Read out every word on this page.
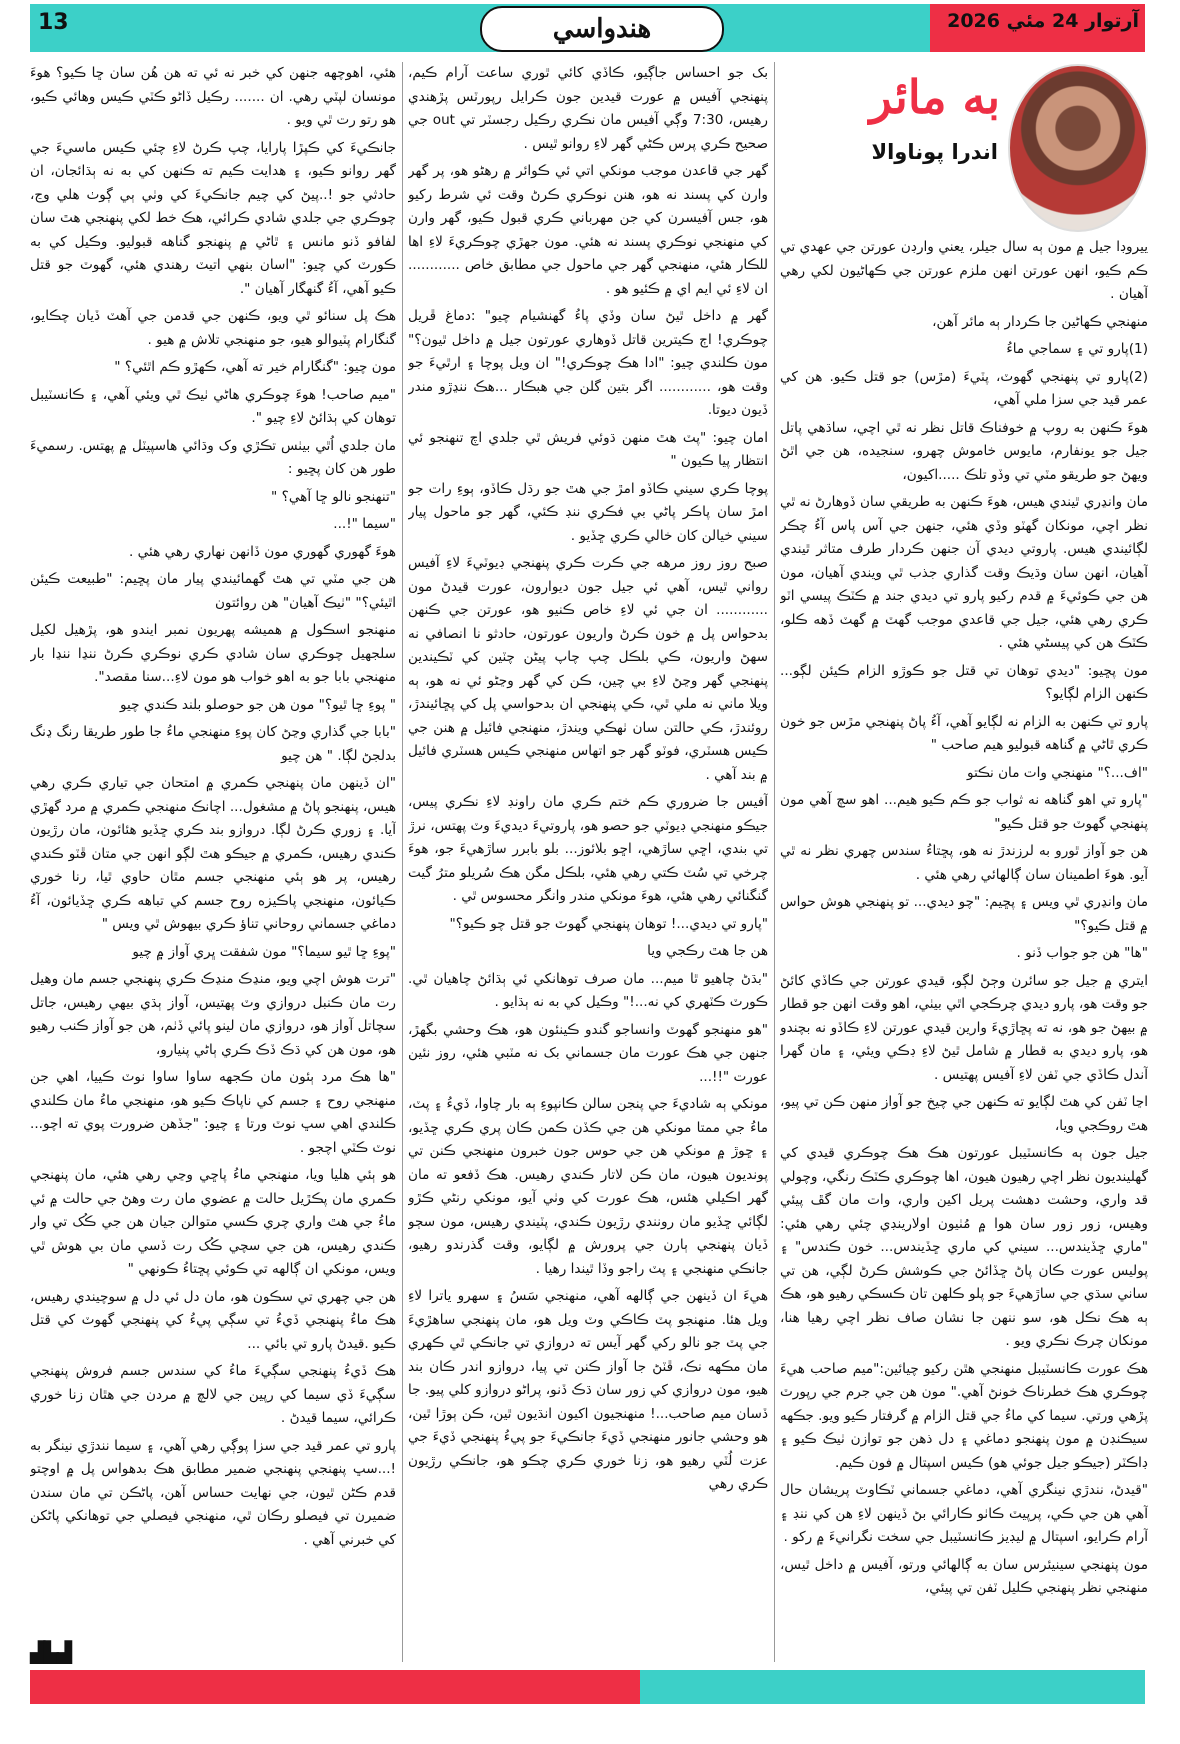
13	هندواسي	آرتوار 24 مئي 2026
ﺑﻪ ﻣﺎﺋﺮ
اندرا پوناوالا

ييروڊا جيل ۾ مون ٻه سال جيلر، يعني وارڊن عورتن جي عهدي تي ڪم ڪيو، انهن عورتن انهن ملزم عورتن جي ڪهاڻيون لکي رهي آهيان .

منهنجي ڪهاڻين جا ڪردار ٻه مائر آهن،

(1)پارو تي ۽ سماجي ماءُ

(2)پارو تي پنهنجي گهوٽ، پٽيءَ (مڙس) جو قتل ڪيو. هن کي عمر قيد جي سزا ملي آهي،

هوءَ ڪنهن به روپ ۾ خوفناڪ قاتل نظر نه ٿي اچي، ساڌهي پاتل جيل جو يونفارم، مايوس خاموش چهرو، سنجيده، هن جي اٿڻ ويهڻ جو طريقو مٽي تي وڏو تلڪ .....اکيون،

مان وانڍري ٿيندي هيس، هوءَ ڪنهن به طريقي سان ڏوهارڻ نه ٿي نظر اچي، مونکان گهٽو وڏي هئي، جنهن جي آس پاس آءُ چڪر لڳائيندي هيس. پاروتي ديدي آن جنهن ڪردار طرف متاثر ٿيندي آهيان، انهن سان وڌيڪ وقت گذاري جذب ٿي ويندي آهيان، مون هن جي ڪوئيءَ ۾ قدم رکيو پارو تي ديدي جند ۾ ڪٽڪ پيسي اٽو ڪري رهي هئي، جيل جي قاعدي موجب گهٽ ۾ گهٽ ڏهه ڪلو، ڪٽڪ هن کي پيسڻي هئي .

مون پڇيو: "ديدي توهان تي قتل جو ڪوڙو الزام ڪيئن لڳو... ڪنهن الزام لڳايو؟

پارو تي ڪنهن به الزام نه لڳايو آهي، آءُ پاڻ پنهنجي مڙس جو خون ڪري ٿاڻي ۾ گناهه قبوليو هيم صاحب "

"اف...؟" منهنجي وات مان نڪتو

"پارو تي اهو گناهه نه ثواب جو ڪم ڪيو هيم... اهو سچ آهي مون پنهنجي گهوٽ جو قتل ڪيو"

هن جو آواز ٿورو به لرزندڙ نه هو، پڇتاءُ سندس چهري نظر نه ٿي آيو. هوءَ اطمينان سان ڳالهائي رهي هئي .

مان وانڍري ٿي ويس ۽ پڇيم: "چو ديدي... تو پنهنجي هوش حواس ۾ قتل ڪيو؟"

"ها" هن جو جواب ڏنو .

ايتري ۾ جيل جو سائرن وڄڻ لڳو، قيدي عورتن جي ڪاڏي کائڻ جو وقت هو، پارو ديدي چرڪجي اٿي بيٺي، اهو وقت انهن جو قطار ۾ بيهڻ جو هو، نه ته پڇاڙيءَ وارين قيدي عورتن لاءِ ڪاڏو نه بچندو هو، پارو ديدي به قطار ۾ شامل ٿيڻ لاءِ ڊڪي ويئي، ۽ مان گهرا آندل ڪاڏي جي ٽفن لاءِ آفيس پهتيس .

اڃا ٽفن کي هٿ لڳايو ته ڪنهن جي چيخ جو آواز منهن ڪن تي پيو، هٿ روڪجي ويا،

جيل جون ٻه ڪانسٽيبل عورتون هڪ هڪ چوڪري قيدي کي گهلينديون نظر اچي رهيون هيون، اها چوڪري ڪٽڪ رنگي، وچولي قد واري، وحشت دهشت پريل اکين واري، وات مان گڦ پيئي وهيس، زور زور سان هوا ۾ مُٺيون اولارينڊي چئي رهي هئي: "ماري ڇڏيندس... سيني کي ماري ڇڏيندس... خون ڪندس" ۽ پوليس عورت ڪان پاڻ ڇڏائڻ جي ڪوشش ڪرڻ لڳي، هن تي ساني سڌي جي ساڙهيءَ جو پلو ڪلهن تان ڪسڪي رهيو هو، هڪ ٻه هڪ نڪل هو، سو ننهن جا نشان صاف نظر اچي رهيا هنا، مونکان چرڪ نڪري ويو .

هڪ عورت ڪانسٽيبل منهنجي هٿن رکيو چيائين:"ميم صاحب هيءَ چوڪري هڪ خطرناڪ خونڻ آهي." مون هن جي جرم جي رپورٽ پڙهي ورتي. سيما کي ماءُ جي قتل الزام ۾ گرفتار ڪيو ويو. جڪهه سيڪنڊن ۾ مون پنهنجو دماغي ۽ دل ذهن جو توازن ٺيڪ ڪيو ۽ ڊاڪٽر (جيڪو جيل جوئي هو) ڪيس اسپتال ۾ فون ڪيم.

"قيدڻ، نندڙي نينگري آهي، دماغي جسماني ٽڪاوٽ پريشان حال آهي هن جي ڪي، پرپيٽ ڪاٺو ڪارائي بڻ ڏينهن لاءِ هن کي ننڊ ۽ آرام ڪرايو، اسپتال ۾ ليڊيز ڪانسٽيبل جي سخت نگرانيءَ ۾ رکو .

مون پنهنجي سينيئرس سان به ڳالهائي ورتو، آفيس ۾ داخل ٿيس، منهنجي نظر پنهنجي ڪليل ٽفن تي پيئي،

بک جو احساس جاڳيو، ڪاڏي کائي ٿوري ساعت آرام ڪيم، پنهنجي آفيس ۾ عورت قيدين جون ڪرايل رپورٽس پڙهندي رهيس، 7:30 وڳي آفيس مان نڪري رڪيل رجسٽر تي out جي صحيح ڪري پرس ڪڻي گهر لاءِ روانو ٿيس .

گهر جي قاعدن موجب مونکي اتي ئي ڪوائر ۾ رهڻو هو، پر گهر وارن کي پسند نه هو، هنن نوڪري ڪرڻ وقت ئي شرط رکيو هو، جس آفيسرن کي جن مهرباني ڪري قبول ڪيو، گهر وارن کي منهنجي نوڪري پسند نه هئي. مون جهڙي چوڪريءَ لاءِ اها للڪار هئي، منهنجي گهر جي ماحول جي مطابق خاص ............ ان لاءِ ئي ايم اي ۾ ڪئيو هو .

گهر ۾ داخل ٿيڻ سان وڏي پاءُ گهنشيام چيو" :دماغ ڦريل چوڪري! اڄ ڪيترين قاتل ڏوهاري عورتون جيل ۾ داخل ٿيون؟" مون ڪلندي چيو: "ادا هڪ چوڪري!" ان ويل پوچا ۽ ارٿيءَ جو وقت هو، ............ اگر بتين گلن جي هبڪار ...هڪ ننڍڙو مندر ڏيون ديوتا.

امان چيو: "پٽ هٿ منهن ڌوئي فريش ٿي جلدي اچ تنهنجو ئي انتظار پيا ڪيون "

پوچا ڪري سيني ڪاڏو امڙ جي هٿ جو رڌل ڪاڏو، ٻوءِ رات جو امڙ سان پاڪر پاڻي بي فڪري ننڊ ڪئي، گهر جو ماحول پيار سيني خيالن کان خالي ڪري ڇڏيو .

صبح روز روز مرهه جي ڪرت ڪري پنهنجي ڊيوٽيءَ لاءِ آفيس رواني ٿيس، آهي ئي جيل جون ديوارون، عورت قيدڻ مون ............ ان جي ئي لاءِ خاص ڪنيو هو، عورتن جي ڪنهن بدحواس پل ۾ خون ڪرڻ واريون عورتون، حادثو نا انصافي نه سهڻ واريون، ڪي بلڪل چپ چاپ پيڻن چٽين کي ٽڪيندين پنهنجي گهر وڃڻ لاءِ بي چين، ڪن کي گهر وڃڻو ئي نه هو، ٻه ويلا ماني نه ملي ٿي، ڪي پنهنجي ان بدحواسي پل کي پڇائيندڙ، روئندڙ، ڪي حالتن سان ٺهڪي ويندڙ، منهنجي فائيل ۾ هنن جي ڪيس هسٽري، فوٽو گهر جو اتهاس منهنجي ڪيس هسٽري فائيل ۾ بند آهي .

آفيس جا ضروري ڪم ختم ڪري مان راونڊ لاءِ نڪري پيس، جيڪو منهنجي ڊيوٽي جو حصو هو، پاروتيءَ ديديءَ وٽ پهتس، نرڙ تي بندي، اڇي ساڙهي، اڇو بلائوز... بلو بابرر ساڙهيءَ جو، هوءَ چرخي تي سُٽ ڪتي رهي هئي، بلڪل مگن هڪ سُريلو مترُ گيت گنگنائي رهي هئي، هوءَ مونکي مندر وانگر محسوس ٿي .

"پارو تي ديدي...! توهان پنهنجي گهوٽ جو قتل چو ڪيو؟"

هن جا هٿ رڪجي ويا

"بڌڻ چاهيو ٿا ميم... مان صرف توهانکي ئي ٻڌائڻ چاهيان ٿي. ڪورٽ ڪٽهري کي نه...!" وڪيل کي به نه ٻڌايو .

"هو منهنجو گهوٽ وانساجو گندو ڪينئون هو، هڪ وحشي بگهڙ، جنهن جي هڪ عورت مان جسماني بک نه مٽبي هئي، روز نئين عورت "!!...

مونکي ٻه شاديءَ جي پنجن سالن ڪانپوءِ ٻه بار چاوا، ڏيءُ ۽ پٽ، ماءُ جي ممتا مونکي هن جي ڪڏن ڪمن ڪان پري ڪري ڇڏيو، ۽ ڇوڙ ۾ مونکي هن جي حوس جون خبرون منهنجي ڪنن تي پونديون هيون، مان ڪن لاتار ڪندي رهيس. هڪ ڏفعو ته مان گهر اڪيلي هئس، هڪ عورت کي وٺي آيو، مونکي رنڻي ڪڙو لڳائي ڇڏيو مان رونندي رڙيون ڪندي، پٽيندي رهيس، مون سڄو ڏيان پنهنجي ٻارن جي پرورش ۾ لڳايو، وقت گذرندو رهيو، جانڪي منهنجي ۽ پٽ راجو وڏا ٿيندا رهيا .

هيءَ ان ڏينهن جي ڳالهه آهي، منهنجي سَسُ ۽ سهرو ياترا لاءِ ويل هئا. منهنجو پٽ ڪاڪي وٽ ويل هو، مان پنهنجي ساهڙيءَ جي پٽ جو نالو رکي گهر آيس ته دروازي تي جانڪي ٿي ڪهري مان مڪهه نڪ، ڦٽڻ جا آواز ڪنن تي پيا، دروازو اندر ڪان بند هيو، مون دروازي کي زور سان ڌڪ ڏنو، پراڻو دروازو کلي پيو. جا ڏسان ميم صاحب...! منهنجيون اکيون انڌيون ٿين، ڪن ٻوڙا ٿين، هو وحشي جانور منهنجي ڏيءَ جانڪيءَ جو پيءُ پنهنجي ڏيءَ جي عزت لُٽي رهيو هو، زنا خوري ڪري چڪو هو، جانڪي رڙيون ڪري رهي

هئي، اهوچهه جنهن کي خبر نه ئي ته هن هُن سان ڇا ڪيو؟ هوءَ مونسان لپٽي رهي. ان ....... رڪيل ڏاڻو ڪٽي ڪيس وهائي ڪيو، هو رتو رت ٿي ويو .

جانڪيءَ کي ڪپڙا پارايا، چپ ڪرڻ لاءِ چئي ڪيس ماسيءَ جي گهر روانو ڪيو، ۽ هدايت ڪيم ته ڪنهن کي به نه ٻڌائجان، ان حادثي جو !..پيڻ کي چيم جانڪيءَ کي وٺي ٻي ڳوٺ هلي وڃ، چوڪري جي جلدي شادي ڪرائي، هڪ خط لکي پنهنجي هٿ سان لفافو ڏنو مانس ۽ ٿاڻي ۾ پنهنجو گناهه قبوليو. وڪيل کي به ڪورٽ کي چيو: "اسان بنهي اتيٽ رهندي هئي، گهوٽ جو قتل ڪيو آهي، آءُ گنهگار آهيان ".

هڪ پل سنائو ٿي ويو، ڪنهن جي قدمن جي آهٽ ڏيان چڪايو، گنگارام پٽيوالو هيو، جو منهنجي تلاش ۾ هيو .

مون چيو: "گنگارام خير ته آهي، ڪهڙو ڪم اٿئي؟ "

"ميم صاحب! هوءَ چوڪري هاڻي ٺيڪ ٿي ويئي آهي، ۽ ڪانسٽيبل توهان کي ٻڌائڻ لاءِ چيو ".

مان جلدي اُٿي بيٺس تڪڙي وک وڌائي هاسپيٽل ۾ پهتس. رسميءَ طور هن کان پڇيو :

"تنهنجو نالو ڇا آهي؟ "

"سيما "!...

هوءَ گهوري گهوري مون ڏانهن نهاري رهي هئي .

هن جي مٽي تي هٿ گهمائيندي پيار مان پڇيم: "طبيعت ڪيئن اٿيئي؟" "ٺيڪ آهيان" هن روائتون

منهنجو اسڪول ۾ هميشه پهريون نمبر ايندو هو، پڙهيل لکيل سلجهيل چوڪري سان شادي ڪري نوڪري ڪرڻ ننڍا ننڍا بار منهنجي بابا جو به اهو خواب هو مون لاءِ...سنا مقصد".

" پوءِ ڇا ٿيو؟" مون هن جو حوصلو بلند ڪندي چيو

"بابا جي گذاري وڃڻ کان پوءِ منهنجي ماءُ جا طور طريقا رنگ ڍنگ بدلجڻ لڳا. " هن چيو

"ان ڏينهن مان پنهنجي ڪمري ۾ امتحان جي تياري ڪري رهي هيس، پنهنجو پاڻ ۾ مشغول... اچانڪ منهنجي ڪمري ۾ مرد گهڙي آيا. ۽ زوري ڪرڻ لڳا. دروازو بند ڪري ڇڏيو هئائون، مان رڙيون ڪندي رهيس، ڪمري ۾ جيڪو هٿ لڳو انهن جي متان ڦٽو ڪندي رهيس، پر هو ٻئي منهنجي جسم مٿان حاوي ٿيا، رنا خوري ڪيائون، منهنجي پاڪيزه روح جسم کي تباهه ڪري ڇڏيائون، آءُ دماغي جسماني روحاني تناؤ ڪري بيهوش ٿي ويس "

"پوءِ ڇا ٿيو سيما؟" مون شفقت ڀري آواز ۾ چيو

"ترت هوش اچي ويو، منڍڪ منڍڪ ڪري پنهنجي جسم مان وهيل رت مان ڪنبل دروازي وٽ پهتيس، آواز ٻڌي بيهي رهيس، جاتل سچاتل آواز هو، دروازي مان لينو پائي ڏٺم، هن جو آواز ڪنب رهيو هو، مون هن کي ڌڪ ڏڪ ڪري ٻاڻي پنيارو،

"ها هڪ مرد ٻئون مان ڪجهه ساوا ساوا نوٽ ڪييا، اهي جن منهنجي روح ۽ جسم کي ناپاڪ ڪيو هو، منهنجي ماءُ مان ڪلندي ڪلندي اهي سڀ نوٽ ورتا ۽ چيو: "جڏهن ضرورت پوي ته اچو... نوٽ ڪٽي اچجو .

هو ٻئي هليا ويا، منهنجي ماءُ پاڇي وڃي رهي هئي، مان پنهنجي ڪمري مان پڪڙيل حالت ۾ عضوي مان رت وهڻ جي حالت ۾ ئي ماءُ جي هٿ واري چري ڪسي متوالن جيان هن جي ڪُک تي وار ڪندي رهيس، هن جي سچي ڪُک رت ڏسي مان بي هوش ٿي ويس، مونکي ان ڳالهه تي ڪوئي پڇتاءُ ڪونهي "

هن جي چهري تي سڪون هو، مان دل ئي دل ۾ سوچيندي رهيس، هڪ ماءُ پنهنجي ڏيءُ تي سڳي پيءُ کي پنهنجي گهوٽ کي قتل ڪيو .قيدڻ پارو تي بائي ...

هڪ ڏيءُ پنهنجي سڳيءَ ماءُ کي سندس جسم فروش پنهنجي سڳيءَ ڏي سيما کي رپين جي لالچ ۾ مردن جي هٿان زنا خوري ڪرائي، سيما قيدڻ .

پارو تي عمر قيد جي سزا پوڳي رهي آهي، ۽ سيما نندڙي نينگر به !...سڀ پنهنجي پنهنجي ضمير مطابق هڪ بدهواس پل ۾ اوچتو قدم ڪڻن ٿيون، جي نهايت حساس آهن، پاڻڪن تي مان سندن ضميرن تي فيصلو رڪان ٿي، منهنجي فيصلي جي توهانکي پاڻکن کي خبرني آهي .

▟▙▟
